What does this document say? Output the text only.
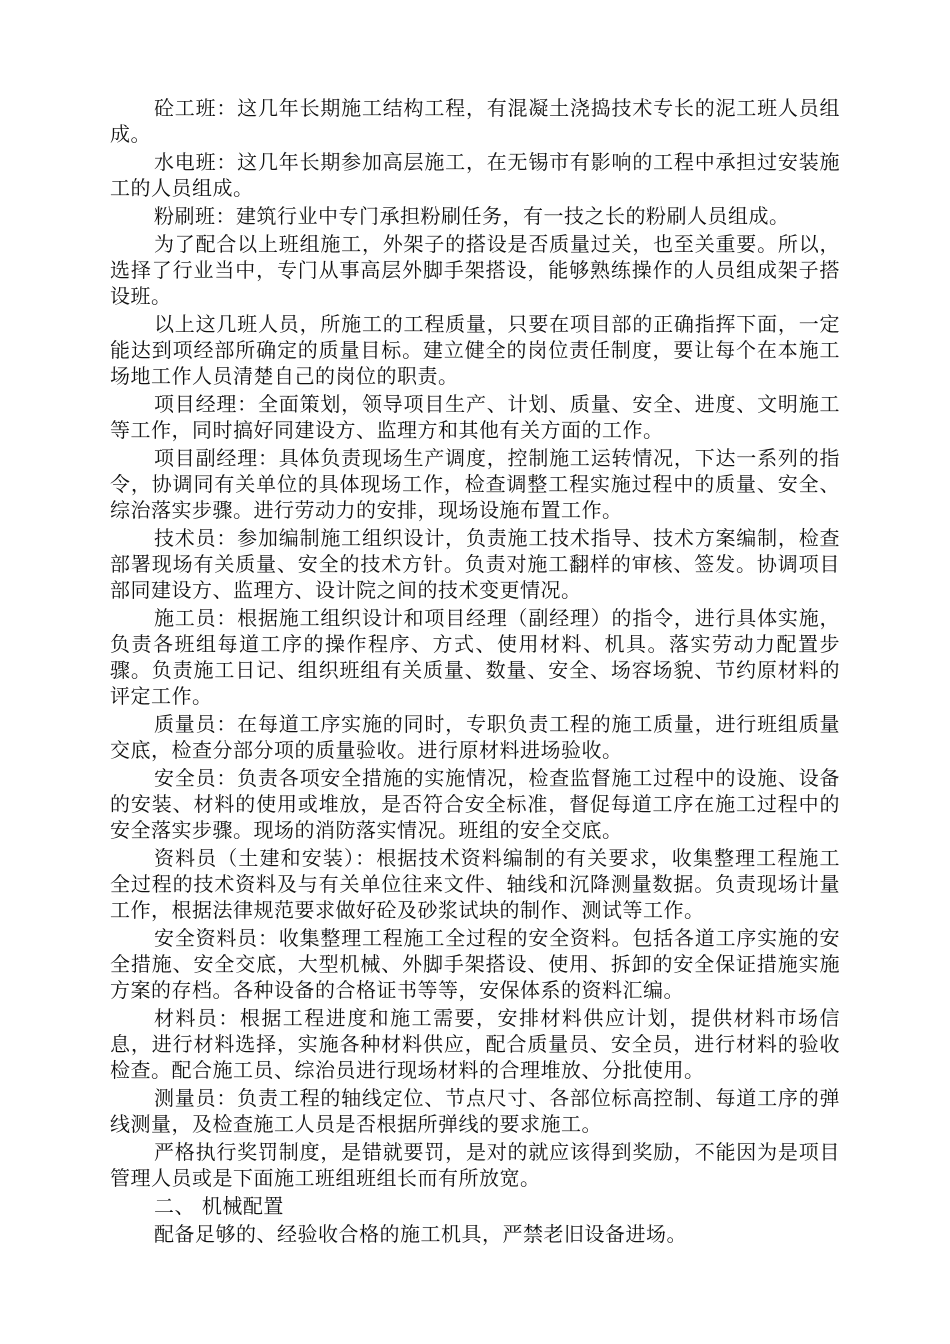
砼工班：这几年长期施工结构工程，有混凝土浇捣技术专长的泥工班人员组成。

水电班：这几年长期参加高层施工，在无锡市有影响的工程中承担过安装施工的人员组成。

粉刷班：建筑行业中专门承担粉刷任务，有一技之长的粉刷人员组成。

为了配合以上班组施工，外架子的搭设是否质量过关，也至关重要。所以，选择了行业当中，专门从事高层外脚手架搭设，能够熟练操作的人员组成架子搭设班。

以上这几班人员，所施工的工程质量，只要在项目部的正确指挥下面，一定能达到项经部所确定的质量目标。建立健全的岗位责任制度，要让每个在本施工场地工作人员清楚自己的岗位的职责。

项目经理：全面策划，领导项目生产、计划、质量、安全、进度、文明施工等工作，同时搞好同建设方、监理方和其他有关方面的工作。

项目副经理：具体负责现场生产调度，控制施工运转情况，下达一系列的指令，协调同有关单位的具体现场工作，检查调整工程实施过程中的质量、安全、综治落实步骤。进行劳动力的安排，现场设施布置工作。

技术员：参加编制施工组织设计，负责施工技术指导、技术方案编制，检查部署现场有关质量、安全的技术方针。负责对施工翻样的审核、签发。协调项目部同建设方、监理方、设计院之间的技术变更情况。

施工员：根据施工组织设计和项目经理（副经理）的指令，进行具体实施，负责各班组每道工序的操作程序、方式、使用材料、机具。落实劳动力配置步骤。负责施工日记、组织班组有关质量、数量、安全、场容场貌、节约原材料的评定工作。

质量员：在每道工序实施的同时，专职负责工程的施工质量，进行班组质量交底，检查分部分项的质量验收。进行原材料进场验收。

安全员：负责各项安全措施的实施情况，检查监督施工过程中的设施、设备的安装、材料的使用或堆放，是否符合安全标准，督促每道工序在施工过程中的安全落实步骤。现场的消防落实情况。班组的安全交底。

资料员（土建和安装）：根据技术资料编制的有关要求，收集整理工程施工全过程的技术资料及与有关单位往来文件、轴线和沉降测量数据。负责现场计量工作，根据法律规范要求做好砼及砂浆试块的制作、测试等工作。

安全资料员：收集整理工程施工全过程的安全资料。包括各道工序实施的安全措施、安全交底，大型机械、外脚手架搭设、使用、拆卸的安全保证措施实施方案的存档。各种设备的合格证书等等，安保体系的资料汇编。

材料员：根据工程进度和施工需要，安排材料供应计划，提供材料市场信息，进行材料选择，实施各种材料供应，配合质量员、安全员，进行材料的验收检查。配合施工员、综治员进行现场材料的合理堆放、分批使用。

测量员：负责工程的轴线定位、节点尺寸、各部位标高控制、每道工序的弹线测量，及检查施工人员是否根据所弹线的要求施工。

严格执行奖罚制度，是错就要罚，是对的就应该得到奖励，不能因为是项目管理人员或是下面施工班组班组长而有所放宽。

二、 机械配置

配备足够的、经验收合格的施工机具，严禁老旧设备进场。
